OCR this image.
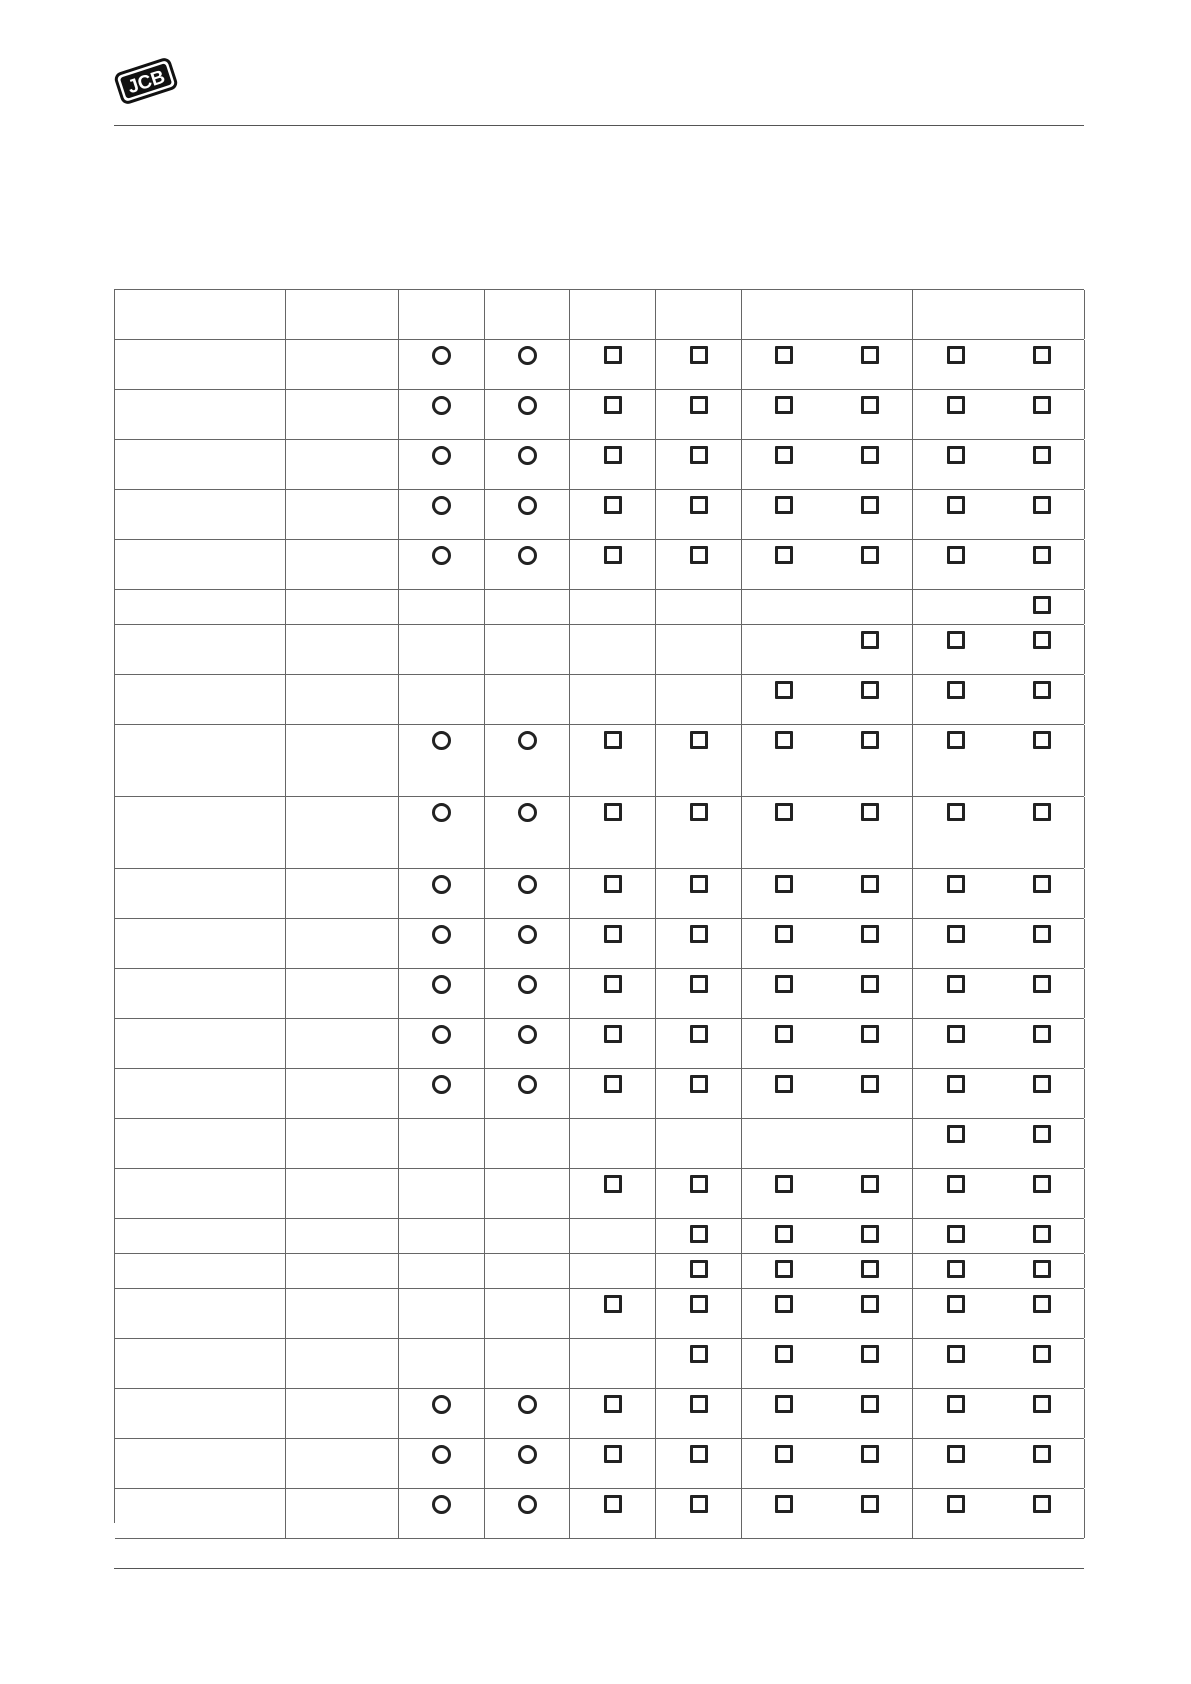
JCB
